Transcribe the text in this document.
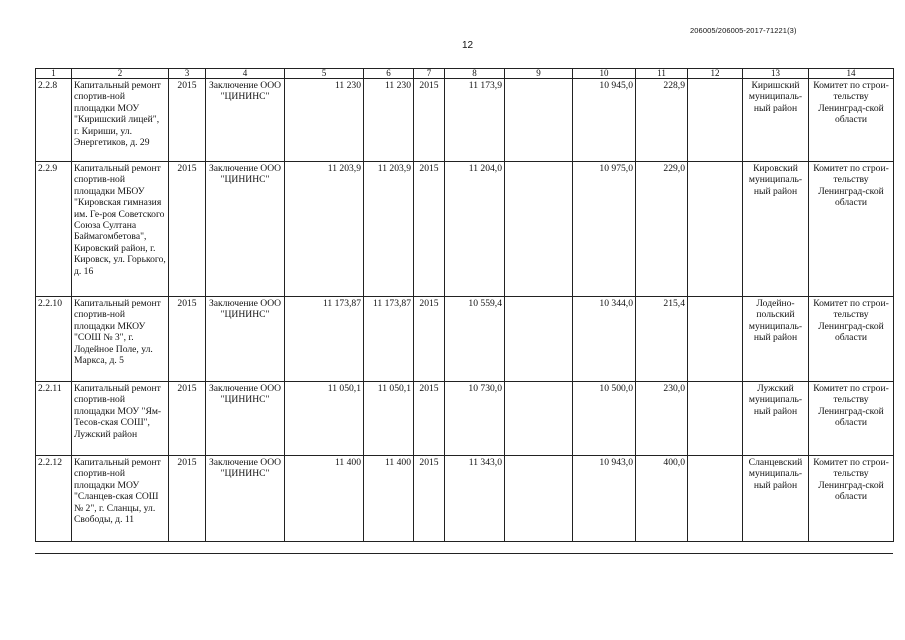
206005/206005-2017-71221(3)
12
1	2	3	4	5	6	7	8	9	10	11	12	13	14
2.2.8	Капитальный ремонт спортив-ной площадки МОУ "Киришский лицей", г. Кириши, ул. Энергетиков, д. 29	2015	Заключение ООО "ЦИНИНС"	11 230	11 230	2015	11 173,9		10 945,0	228,9		Киришский муниципаль-ный район	Комитет по строи-тельству Ленинград-ской области
2.2.9	Капитальный ремонт спортив-ной площадки МБОУ "Кировская гимназия им. Ге-роя Советского Союза Султана Баймагомбетова", Кировский район, г. Кировск, ул. Горького, д. 16	2015	Заключение ООО "ЦИНИНС"	11 203,9	11 203,9	2015	11 204,0		10 975,0	229,0		Кировский муниципаль-ный район	Комитет по строи-тельству Ленинград-ской области
2.2.10	Капитальный ремонт спортив-ной площадки МКОУ "СОШ № 3", г. Лодейное Поле, ул. Маркса, д. 5	2015	Заключение ООО "ЦИНИНС"	11 173,87	11 173,87	2015	10 559,4		10 344,0	215,4		Лодейно-польский муниципаль-ный район	Комитет по строи-тельству Ленинград-ской области
2.2.11	Капитальный ремонт спортив-ной площадки МОУ "Ям-Тесов-ская СОШ", Лужский район	2015	Заключение ООО "ЦИНИНС"	11 050,1	11 050,1	2015	10 730,0		10 500,0	230,0		Лужский муниципаль-ный район	Комитет по строи-тельству Ленинград-ской области
2.2.12	Капитальный ремонт спортив-ной площадки МОУ "Сланцев-ская СОШ № 2", г. Сланцы, ул. Свободы, д. 11	2015	Заключение ООО "ЦИНИНС"	11 400	11 400	2015	11 343,0		10 943,0	400,0		Сланцевский муниципаль-ный район	Комитет по строи-тельству Ленинград-ской области
